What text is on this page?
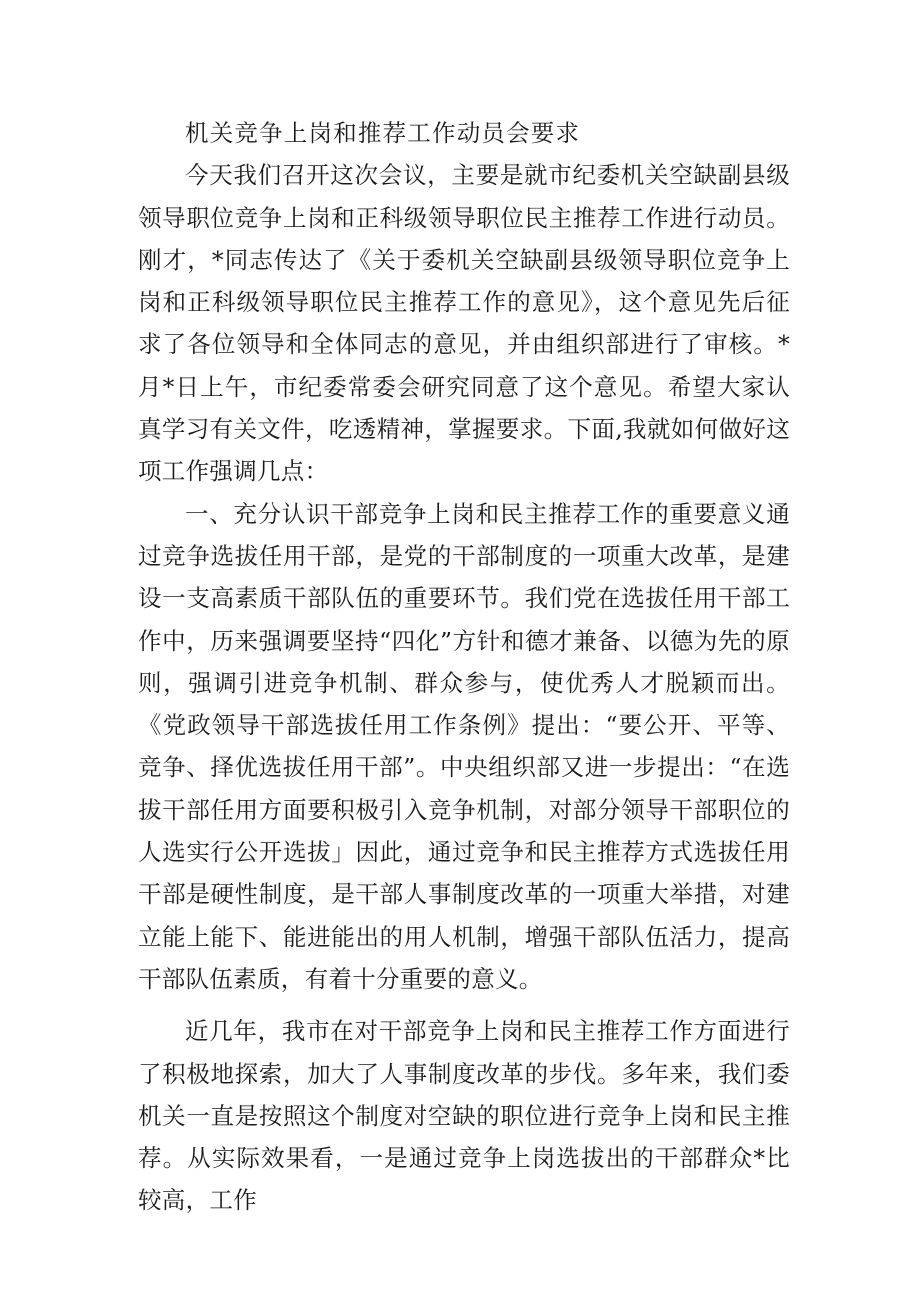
机关竞争上岗和推荐工作动员会要求

今天我们召开这次会议，主要是就市纪委机关空缺副县级领导职位竞争上岗和正科级领导职位民主推荐工作进行动员。刚才，*同志传达了《关于委机关空缺副县级领导职位竞争上岗和正科级领导职位民主推荐工作的意见》，这个意见先后征求了各位领导和全体同志的意见，并由组织部进行了审核。*月*日上午，市纪委常委会研究同意了这个意见。希望大家认真学习有关文件，吃透精神，掌握要求。下面,我就如何做好这项工作强调几点：

一、充分认识干部竞争上岗和民主推荐工作的重要意义通过竞争选拔任用干部，是党的干部制度的一项重大改革，是建设一支高素质干部队伍的重要环节。我们党在选拔任用干部工作中，历来强调要坚持“四化”方针和德才兼备、以德为先的原则，强调引进竞争机制、群众参与，使优秀人才脱颖而出。《党政领导干部选拔任用工作条例》提出：“要公开、平等、竞争、择优选拔任用干部”。中央组织部又进一步提出：“在选拔干部任用方面要积极引入竞争机制，对部分领导干部职位的人选实行公开选拔」因此，通过竞争和民主推荐方式选拔任用干部是硬性制度，是干部人事制度改革的一项重大举措，对建立能上能下、能进能出的用人机制，增强干部队伍活力，提高干部队伍素质，有着十分重要的意义。

近几年，我市在对干部竞争上岗和民主推荐工作方面进行了积极地探索，加大了人事制度改革的步伐。多年来，我们委机关一直是按照这个制度对空缺的职位进行竞争上岗和民主推荐。从实际效果看，一是通过竞争上岗选拔出的干部群众*比较高，工作
